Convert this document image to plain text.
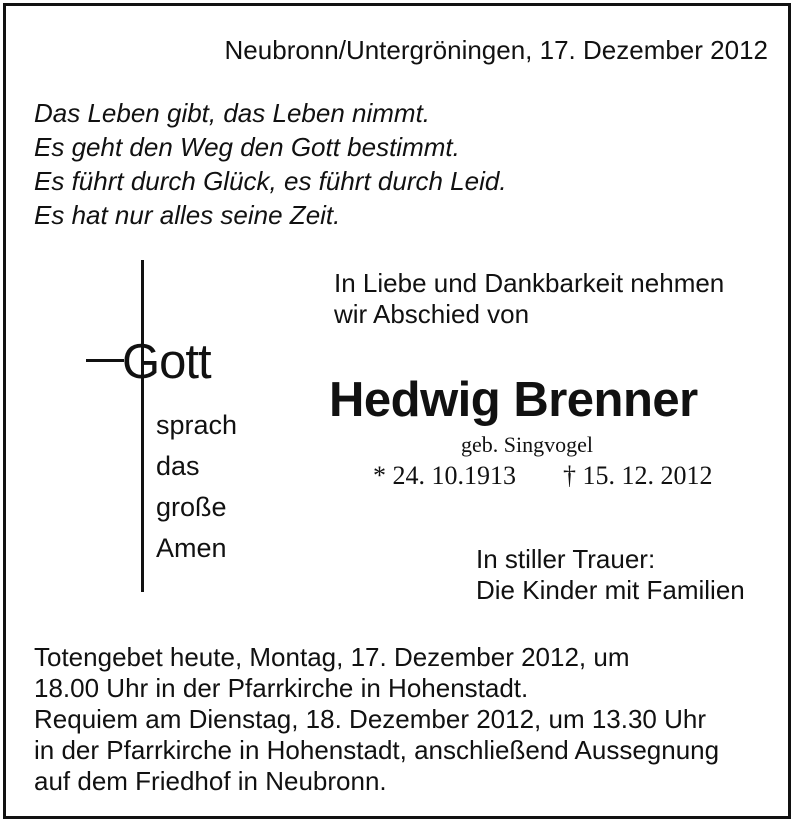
Neubronn/Untergröningen, 17. Dezember 2012
Das Leben gibt, das Leben nimmt.
Es geht den Weg den Gott bestimmt.
Es führt durch Glück, es führt durch Leid.
Es hat nur alles seine Zeit.
Gott
sprach
das
große
Amen
In Liebe und Dankbarkeit nehmen
wir Abschied von
Hedwig Brenner
geb. Singvogel
* 24. 10.1913 † 15. 12. 2012
In stiller Trauer:
Die Kinder mit Familien
Totengebet heute, Montag, 17. Dezember 2012, um
18.00 Uhr in der Pfarrkirche in Hohenstadt.
Requiem am Dienstag, 18. Dezember 2012, um 13.30 Uhr
in der Pfarrkirche in Hohenstadt, anschließend Aussegnung
auf dem Friedhof in Neubronn.
